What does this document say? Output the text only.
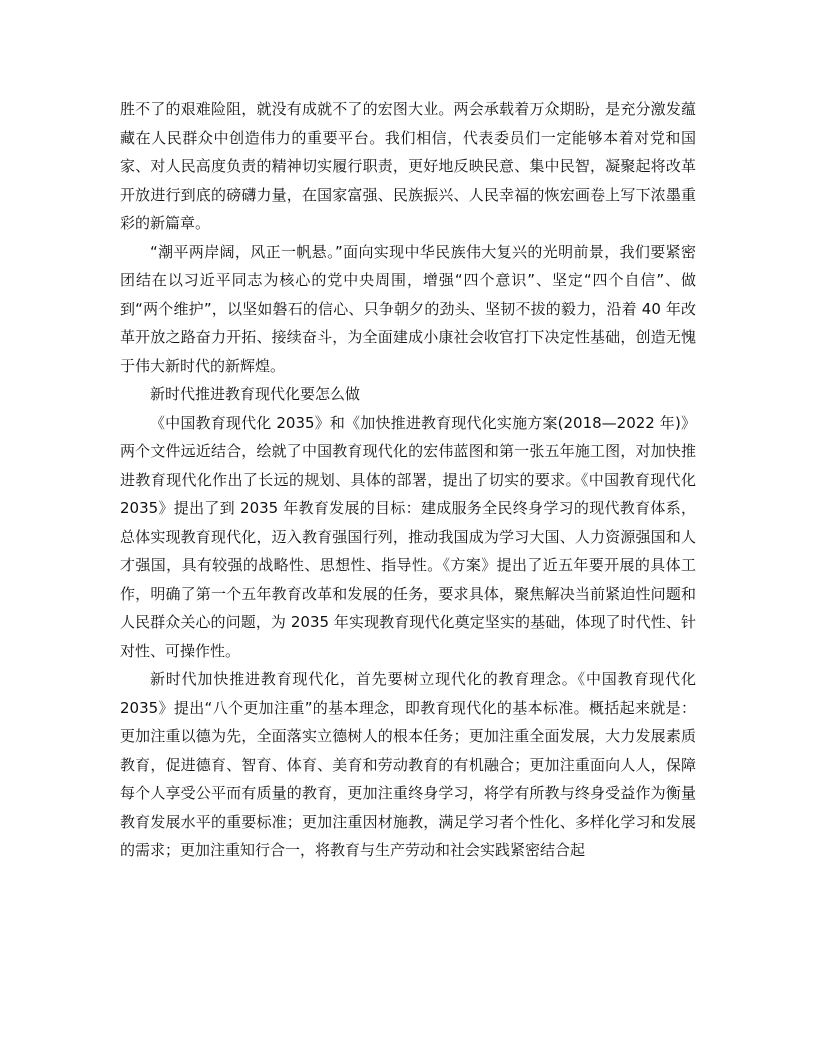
胜不了的艰难险阻，就没有成就不了的宏图大业。两会承载着万众期盼，是充分激发蕴藏在人民群众中创造伟力的重要平台。我们相信，代表委员们一定能够本着对党和国家、对人民高度负责的精神切实履行职责，更好地反映民意、集中民智，凝聚起将改革开放进行到底的磅礴力量，在国家富强、民族振兴、人民幸福的恢宏画卷上写下浓墨重彩的新篇章。

“潮平两岸阔，风正一帆悬。”面向实现中华民族伟大复兴的光明前景，我们要紧密团结在以习近平同志为核心的党中央周围，增强“四个意识”、坚定“四个自信”、做到“两个维护”，以坚如磐石的信心、只争朝夕的劲头、坚韧不拔的毅力，沿着 40 年改革开放之路奋力开拓、接续奋斗，为全面建成小康社会收官打下决定性基础，创造无愧于伟大新时代的新辉煌。

新时代推进教育现代化要怎么做

《中国教育现代化 2035》和《加快推进教育现代化实施方案(2018—2022 年)》两个文件远近结合，绘就了中国教育现代化的宏伟蓝图和第一张五年施工图，对加快推进教育现代化作出了长远的规划、具体的部署，提出了切实的要求。《中国教育现代化 2035》提出了到 2035 年教育发展的目标：建成服务全民终身学习的现代教育体系，总体实现教育现代化，迈入教育强国行列，推动我国成为学习大国、人力资源强国和人才强国，具有较强的战略性、思想性、指导性。《方案》提出了近五年要开展的具体工作，明确了第一个五年教育改革和发展的任务，要求具体，聚焦解决当前紧迫性问题和人民群众关心的问题，为 2035 年实现教育现代化奠定坚实的基础，体现了时代性、针对性、可操作性。

新时代加快推进教育现代化，首先要树立现代化的教育理念。《中国教育现代化 2035》提出“八个更加注重”的基本理念，即教育现代化的基本标准。概括起来就是：更加注重以德为先，全面落实立德树人的根本任务；更加注重全面发展，大力发展素质教育，促进德育、智育、体育、美育和劳动教育的有机融合；更加注重面向人人，保障每个人享受公平而有质量的教育，更加注重终身学习，将学有所教与终身受益作为衡量教育发展水平的重要标准；更加注重因材施教，满足学习者个性化、多样化学习和发展的需求；更加注重知行合一，将教育与生产劳动和社会实践紧密结合起
